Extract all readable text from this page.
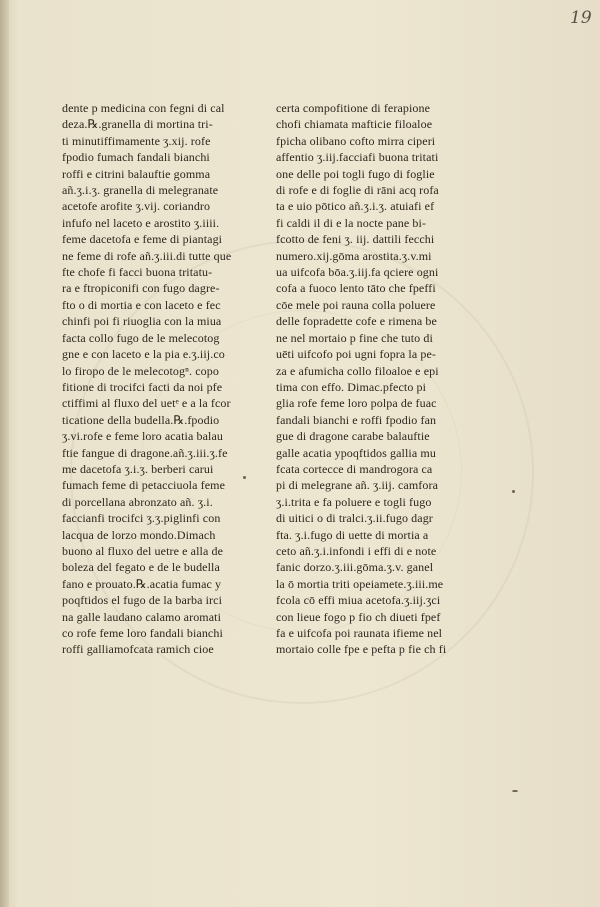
19
dente p medicina con fegni di cal
deza.℞.granella di mortina tri-
ti minutiffimamente ʒ.xij. rofe
fpodio fumach fandali bianchi
roffi e citrini balauftie gomma
añ.ʒ.i.ʒ. granella di melegranate
acetofe arofite ʒ.vij. coriandro
infufo nel laceto e arostito ʒ.iiii.
feme dacetofa e feme di piantagi
ne feme di rofe añ.ʒ.iii.di tutte que
fte chofe fi facci buona tritatu-
ra e ftropiconifi con fugo dagre-
fto o di mortia e con laceto e fec
chinfi poi fi riuoglia con la miua
facta collo fugo de le melecotog
gne e con laceto e la pia e.ʒ.iij.co
lo firopo de le melecotogⁿ. copo
fitione di trocifci facti da noi pfe
ctiffimi al fluxo del uetᵉ e a la fcor
ticatione della budella.℞.fpodio
ʒ.vi.rofe e feme loro acatia balau
ftie fangue di dragone.añ.ʒ.iii.ʒ.fe
me dacetofa ʒ.i.ʒ. berberi carui
fumach feme di petacciuola feme
di porcellana abronzato añ. ʒ.i.
faccianfi trocifci ʒ.ʒ.piglinfi con
lacqua de lorzo mondo.Dimach
buono al fluxo del uetre e alla de
boleza del fegato e de le budella
fano e prouato.℞.acatia fumac y
poqftidos el fugo de la barba irci
na galle laudano calamo aromati
co rofe feme loro fandali bianchi
roffi galliamofcata ramich cioe
certa compofitione di ferapione
chofi chiamata mafticie filoaloe
fpicha olibano cofto mirra ciperi
affentio ʒ.iij.facciafi buona tritati
one delle poi togli fugo di foglie
di rofe e di foglie di rāni acq rofa
ta e uio pōtico añ.ʒ.i.ʒ. atuiafi ef
fi caldi il di e la nocte pane bi-
fcotto de feni ʒ. iij. dattili fecchi
numero.xij.gōma arostita.ʒ.v.mi
ua uifcofa bōa.ʒ.iij.fa qciere ogni
cofa a fuoco lento tāto che fpeffi
cōe mele poi rauna colla poluere
delle fopradette cofe e rimena be
ne nel mortaio p fine che tuto di
uēti uifcofo poi ugni fopra la pe-
za e afumicha collo filoaloe e epi
tima con effo. Dimac.pfecto pi
glia rofe feme loro polpa de fuac
fandali bianchi e roffi fpodio fan
gue di dragone carabe balauftie
galle acatia ypoqftidos gallia mu
fcata cortecce di mandrogora ca
pi di melegrane añ. ʒ.iij. camfora
ʒ.i.trita e fa poluere e togli fugo
di uitici o di tralci.ʒ.ii.fugo dagr
fta. ʒ.i.fugo di uette di mortia a
ceto añ.ʒ.i.infondi i effi di e note
fanic dorzo.ʒ.iii.gōma.ʒ.v. ganel
la ō mortia triti opeiamete.ʒ.iii.me
fcola cō effi miua acetofa.ʒ.iij.ʒci
con lieue fogo p fio ch diueti fpef
fa e uifcofa poi raunata ifieme nel
mortaio colle fpe e pefta p fie ch fi
